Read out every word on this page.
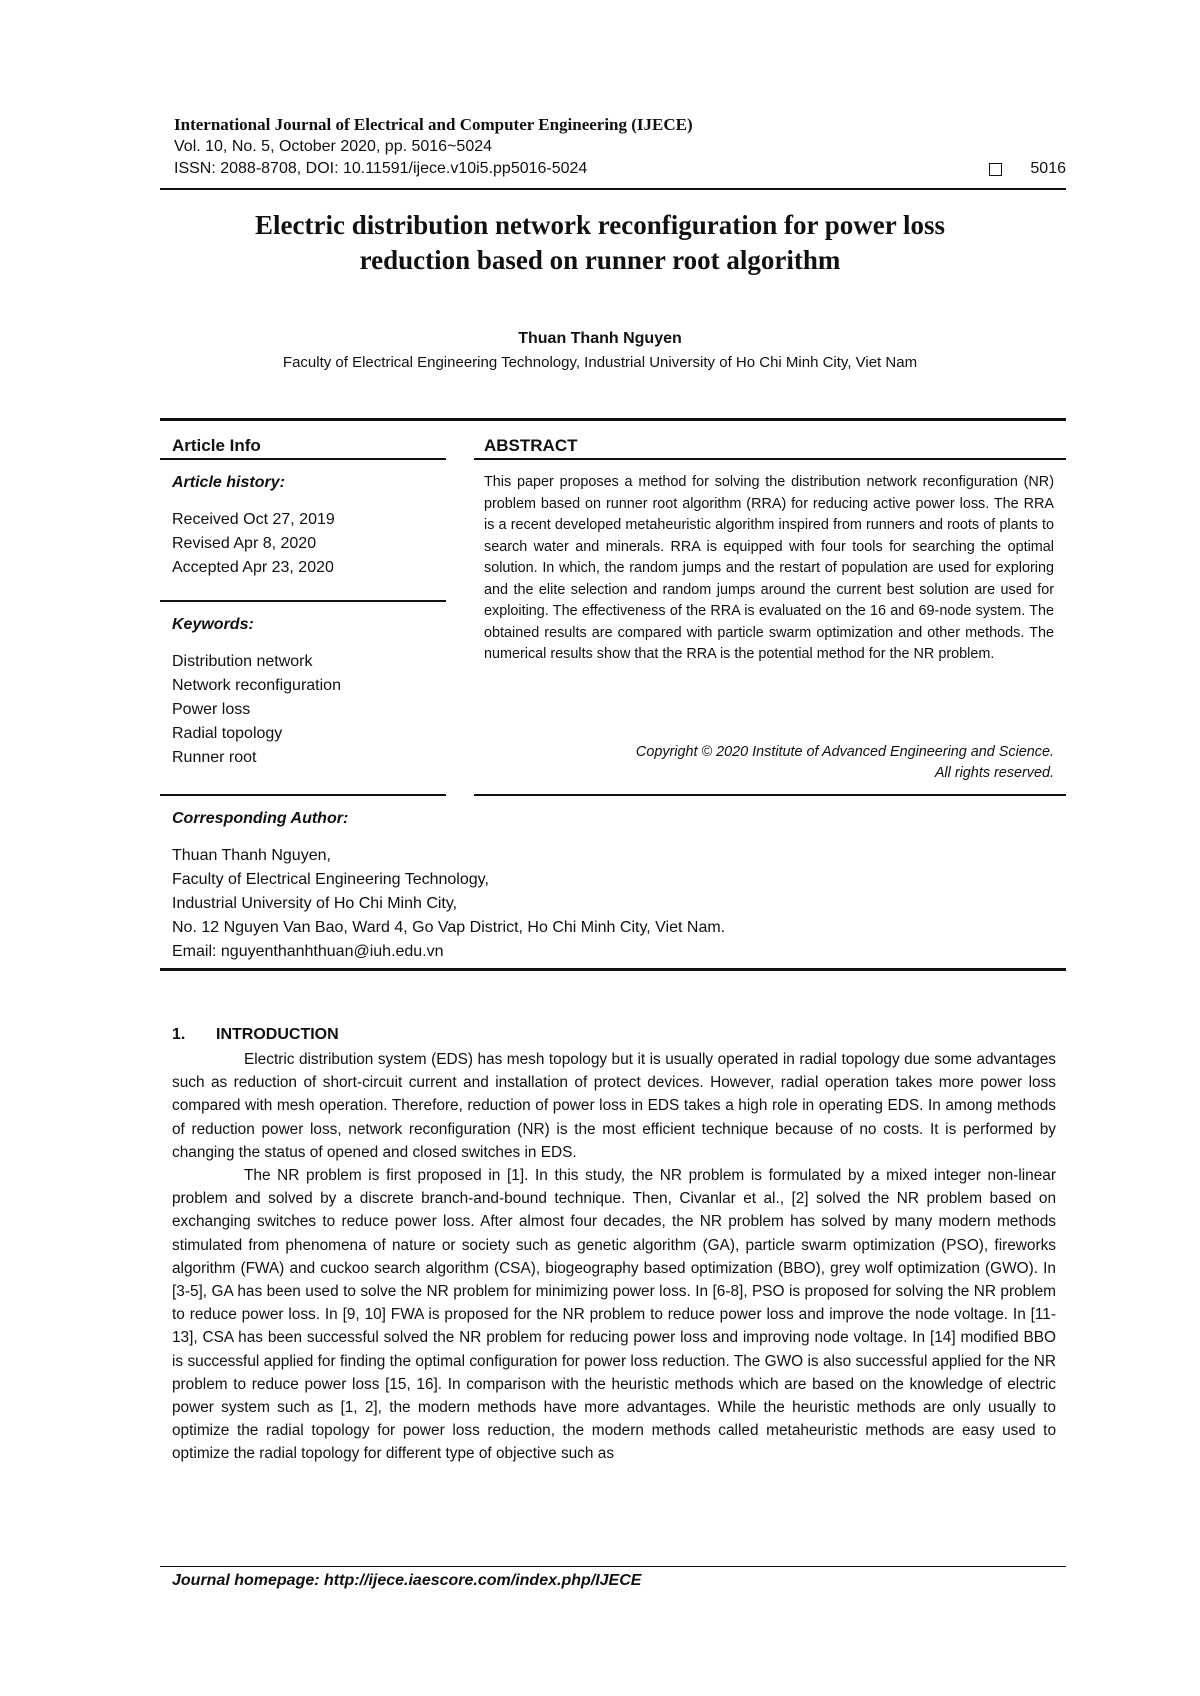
International Journal of Electrical and Computer Engineering (IJECE)
Vol. 10, No. 5, October 2020, pp. 5016~5024
ISSN: 2088-8708, DOI: 10.11591/ijece.v10i5.pp5016-5024	5016
Electric distribution network reconfiguration for power loss
reduction based on runner root algorithm
Thuan Thanh Nguyen
Faculty of Electrical Engineering Technology, Industrial University of Ho Chi Minh City, Viet Nam
Article Info	ABSTRACT
Article history:
Received Oct 27, 2019
Revised Apr 8, 2020
Accepted Apr 23, 2020
Keywords:
Distribution network
Network reconfiguration
Power loss
Radial topology
Runner root
This paper proposes a method for solving the distribution network reconfiguration (NR) problem based on runner root algorithm (RRA) for reducing active power loss. The RRA is a recent developed metaheuristic algorithm inspired from runners and roots of plants to search water and minerals. RRA is equipped with four tools for searching the optimal solution. In which, the random jumps and the restart of population are used for exploring and the elite selection and random jumps around the current best solution are used for exploiting. The effectiveness of the RRA is evaluated on the 16 and 69-node system. The obtained results are compared with particle swarm optimization and other methods. The numerical results show that the RRA is the potential method for the NR problem.
Copyright © 2020 Institute of Advanced Engineering and Science.
All rights reserved.
Corresponding Author:
Thuan Thanh Nguyen,
Faculty of Electrical Engineering Technology,
Industrial University of Ho Chi Minh City,
No. 12 Nguyen Van Bao, Ward 4, Go Vap District, Ho Chi Minh City, Viet Nam.
Email: nguyenthanhthuan@iuh.edu.vn
1. INTRODUCTION

Electric distribution system (EDS) has mesh topology but it is usually operated in radial topology due some advantages such as reduction of short-circuit current and installation of protect devices. However, radial operation takes more power loss compared with mesh operation. Therefore, reduction of power loss in EDS takes a high role in operating EDS. In among methods of reduction power loss, network reconfiguration (NR) is the most efficient technique because of no costs. It is performed by changing the status of opened and closed switches in EDS.

The NR problem is first proposed in [1]. In this study, the NR problem is formulated by a mixed integer non-linear problem and solved by a discrete branch-and-bound technique. Then, Civanlar et al., [2] solved the NR problem based on exchanging switches to reduce power loss. After almost four decades, the NR problem has solved by many modern methods stimulated from phenomena of nature or society such as genetic algorithm (GA), particle swarm optimization (PSO), fireworks algorithm (FWA) and cuckoo search algorithm (CSA), biogeography based optimization (BBO), grey wolf optimization (GWO). In [3-5], GA has been used to solve the NR problem for minimizing power loss. In [6-8], PSO is proposed for solving the NR problem to reduce power loss. In [9, 10] FWA is proposed for the NR problem to reduce power loss and improve the node voltage. In [11-13], CSA has been successful solved the NR problem for reducing power loss and improving node voltage. In [14] modified BBO is successful applied for finding the optimal configuration for power loss reduction. The GWO is also successful applied for the NR problem to reduce power loss [15, 16]. In comparison with the heuristic methods which are based on the knowledge of electric power system such as [1, 2], the modern methods have more advantages. While the heuristic methods are only usually to optimize the radial topology for power loss reduction, the modern methods called metaheuristic methods are easy used to optimize the radial topology for different type of objective such as

Journal homepage: http://ijece.iaescore.com/index.php/IJECE
